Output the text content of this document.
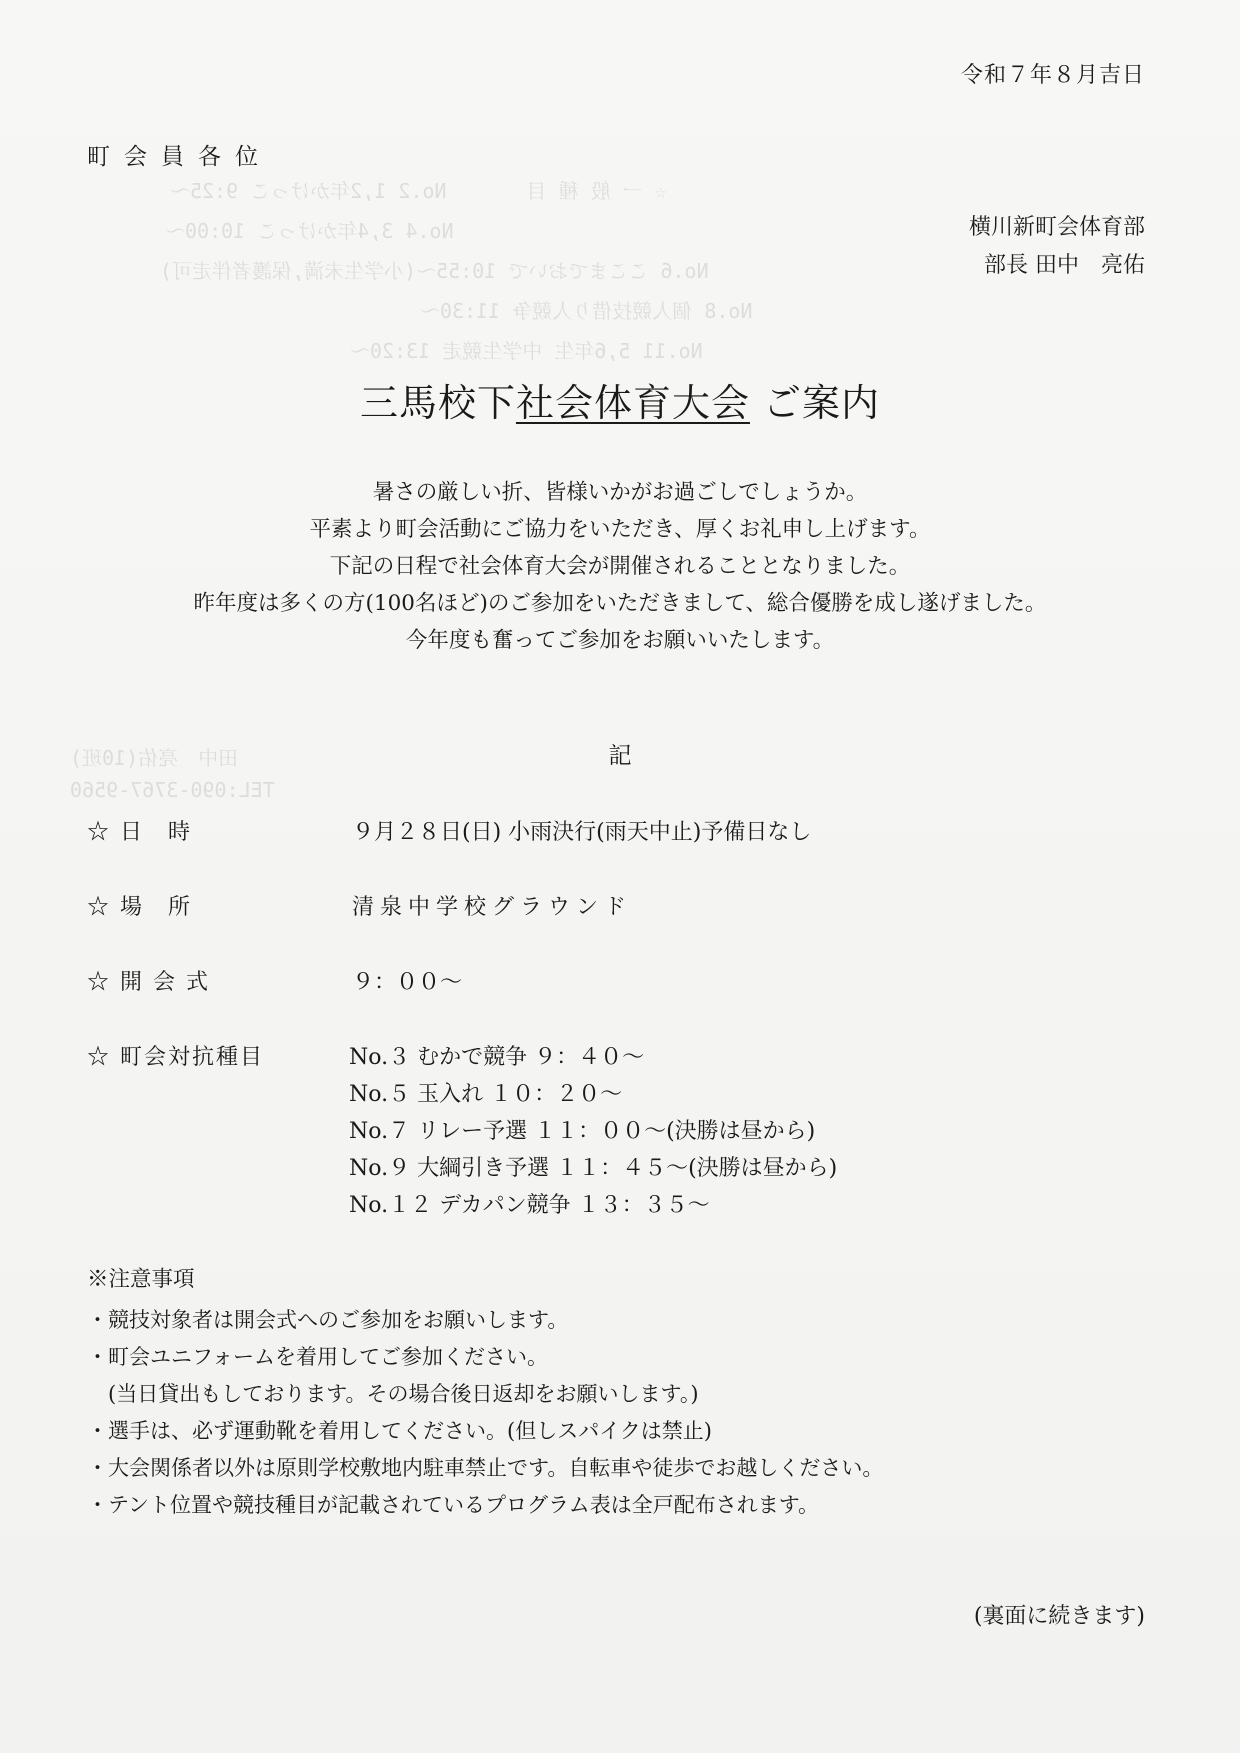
☆ 一 般 種 目　　　　No.2 1,2年かけっこ 9:25〜
No.4 3,4年かけっこ 10:00〜
No.6 ここまでおいで 10:55〜(小学生未満,保護者伴走可)
No.8 個人競技借り人競争 11:30〜
No.11 5,6年生 中学生競走 13:20〜
田中　亮佑(10班)
TEL:090-3767-9560
令和７年８月吉日
町会員各位
横川新町会体育部
部長 田中　亮佑
三馬校下社会体育大会 ご案内
暑さの厳しい折、皆様いかがお過ごしでしょうか。
平素より町会活動にご協力をいただき、厚くお礼申し上げます。
下記の日程で社会体育大会が開催されることとなりました。
昨年度は多くの方(100名ほど)のご参加をいただきまして、総合優勝を成し遂げました。
今年度も奮ってご参加をお願いいたします。
記
☆ 日　時	９月２８日(日) 小雨決行(雨天中止)予備日なし
☆ 場　所	清泉中学校グラウンド
☆ 開 会 式	９：００～
☆ 町会対抗種目	No.３ むかで競争 ９：４０～
No.５ 玉入れ １０：２０～
No.７ リレー予選 １１：００～(決勝は昼から)
No.９ 大綱引き予選 １１：４５～(決勝は昼から)
No.１２ デカパン競争 １３：３５～
※注意事項
・競技対象者は開会式へのご参加をお願いします。
・町会ユニフォームを着用してご参加ください。
　(当日貸出もしております。その場合後日返却をお願いします。)
・選手は、必ず運動靴を着用してください。(但しスパイクは禁止)
・大会関係者以外は原則学校敷地内駐車禁止です。自転車や徒歩でお越しください。
・テント位置や競技種目が記載されているプログラム表は全戸配布されます。
(裏面に続きます)
